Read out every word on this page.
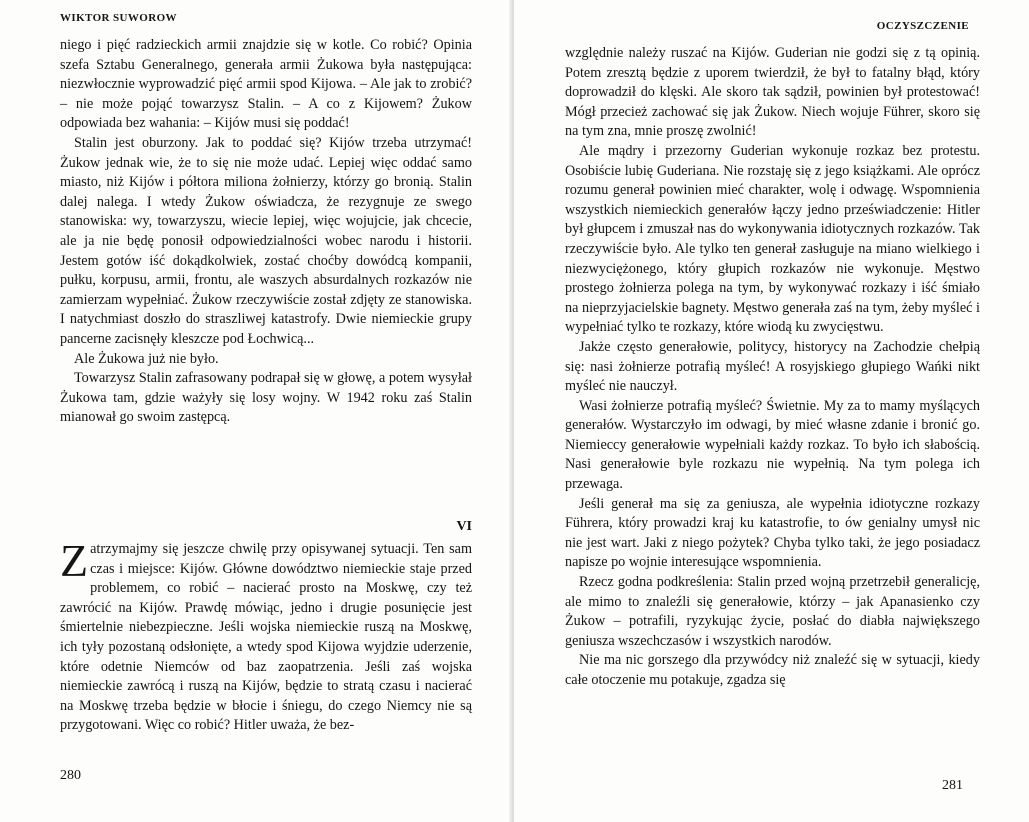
WIKTOR SUWOROW

niego i pięć radzieckich armii znajdzie się w kotle. Co robić? Opinia szefa Sztabu Generalnego, generała armii Żukowa była następująca: niezwłocznie wyprowadzić pięć armii spod Kijowa. – Ale jak to zrobić? – nie może pojąć towarzysz Stalin. – A co z Kijowem? Żukow odpowiada bez wahania: – Kijów musi się poddać!

Stalin jest oburzony. Jak to poddać się? Kijów trzeba utrzymać! Żukow jednak wie, że to się nie może udać. Lepiej więc oddać samo miasto, niż Kijów i półtora miliona żołnierzy, którzy go bronią. Stalin dalej nalega. I wtedy Żukow oświadcza, że rezygnuje ze swego stanowiska: wy, towarzyszu, wiecie lepiej, więc wojujcie, jak chcecie, ale ja nie będę ponosił odpowiedzialności wobec narodu i historii. Jestem gotów iść dokądkolwiek, zostać choćby dowódcą kompanii, pułku, korpusu, armii, frontu, ale waszych absurdalnych rozkazów nie zamierzam wypełniać. Żukow rzeczywiście został zdjęty ze stanowiska. I natychmiast doszło do straszliwej katastrofy. Dwie niemieckie grupy pancerne zacisnęły kleszcze pod Łochwicą...

Ale Żukowa już nie było.

Towarzysz Stalin zafrasowany podrapał się w głowę, a potem wysyłał Żukowa tam, gdzie ważyły się losy wojny. W 1942 roku zaś Stalin mianował go swoim zastępcą.

VI

Zatrzymajmy się jeszcze chwilę przy opisywanej sytuacji. Ten sam czas i miejsce: Kijów. Główne dowództwo niemieckie staje przed problemem, co robić – nacierać prosto na Moskwę, czy też zawrócić na Kijów. Prawdę mówiąc, jedno i drugie posunięcie jest śmiertelnie niebezpieczne. Jeśli wojska niemieckie ruszą na Moskwę, ich tyły pozostaną odsłonięte, a wtedy spod Kijowa wyjdzie uderzenie, które odetnie Niemców od baz zaopatrzenia. Jeśli zaś wojska niemieckie zawrócą i ruszą na Kijów, będzie to stratą czasu i nacierać na Moskwę trzeba będzie w błocie i śniegu, do czego Niemcy nie są przygotowani. Więc co robić? Hitler uważa, że bez-

280
OCZYSZCZENIE

względnie należy ruszać na Kijów. Guderian nie godzi się z tą opinią. Potem zresztą będzie z uporem twierdził, że był to fatalny błąd, który doprowadził do klęski. Ale skoro tak sądził, powinien był protestować! Mógł przecież zachować się jak Żukow. Niech wojuje Führer, skoro się na tym zna, mnie proszę zwolnić!

Ale mądry i przezorny Guderian wykonuje rozkaz bez protestu. Osobiście lubię Guderiana. Nie rozstaję się z jego książkami. Ale oprócz rozumu generał powinien mieć charakter, wolę i odwagę. Wspomnienia wszystkich niemieckich generałów łączy jedno przeświadczenie: Hitler był głupcem i zmuszał nas do wykonywania idiotycznych rozkazów. Tak rzeczywiście było. Ale tylko ten generał zasługuje na miano wielkiego i niezwyciężonego, który głupich rozkazów nie wykonuje. Męstwo prostego żołnierza polega na tym, by wykonywać rozkazy i iść śmiało na nieprzyjacielskie bagnety. Męstwo generała zaś na tym, żeby myśleć i wypełniać tylko te rozkazy, które wiodą ku zwycięstwu.

Jakże często generałowie, politycy, historycy na Zachodzie chełpią się: nasi żołnierze potrafią myśleć! A rosyjskiego głupiego Wańki nikt myśleć nie nauczył.

Wasi żołnierze potrafią myśleć? Świetnie. My za to mamy myślących generałów. Wystarczyło im odwagi, by mieć własne zdanie i bronić go. Niemieccy generałowie wypełniali każdy rozkaz. To było ich słabością. Nasi generałowie byle rozkazu nie wypełnią. Na tym polega ich przewaga.

Jeśli generał ma się za geniusza, ale wypełnia idiotyczne rozkazy Führera, który prowadzi kraj ku katastrofie, to ów genialny umysł nic nie jest wart. Jaki z niego pożytek? Chyba tylko taki, że jego posiadacz napisze po wojnie interesujące wspomnienia.

Rzecz godna podkreślenia: Stalin przed wojną przetrzebił generalicję, ale mimo to znaleźli się generałowie, którzy – jak Apanasienko czy Żukow – potrafili, ryzykując życie, posłać do diabła największego geniusza wszechczasów i wszystkich narodów.

Nie ma nic gorszego dla przywódcy niż znaleźć się w sytuacji, kiedy całe otoczenie mu potakuje, zgadza się

281
